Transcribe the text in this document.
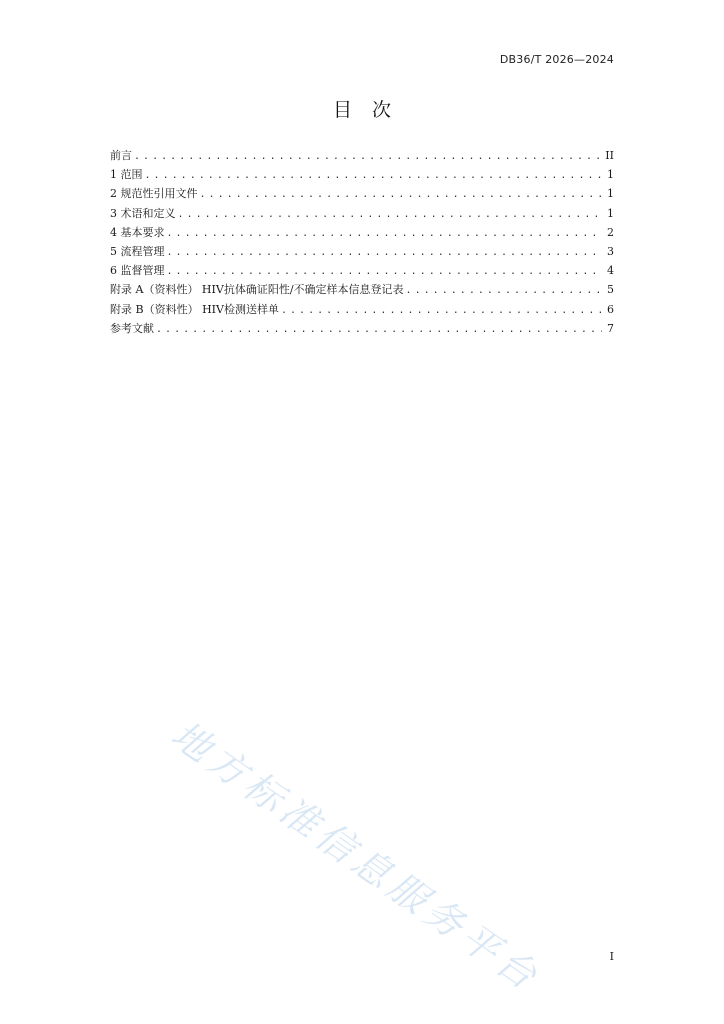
DB36/T 2026—2024
目 次
前言 . . .	II
1 范围 . . .	1
2 规范性引用文件 . . .	1
3 术语和定义 . . .	1
4 基本要求 . . .	2
5 流程管理 . . .	3
6 监督管理 . . .	4
附录 A（资料性） HIV抗体确证阳性/不确定样本信息登记表 . . .	5
附录 B（资料性） HIV检测送样单 . . .	6
参考文献 . . .	7
地方标准信息服务平台	I
